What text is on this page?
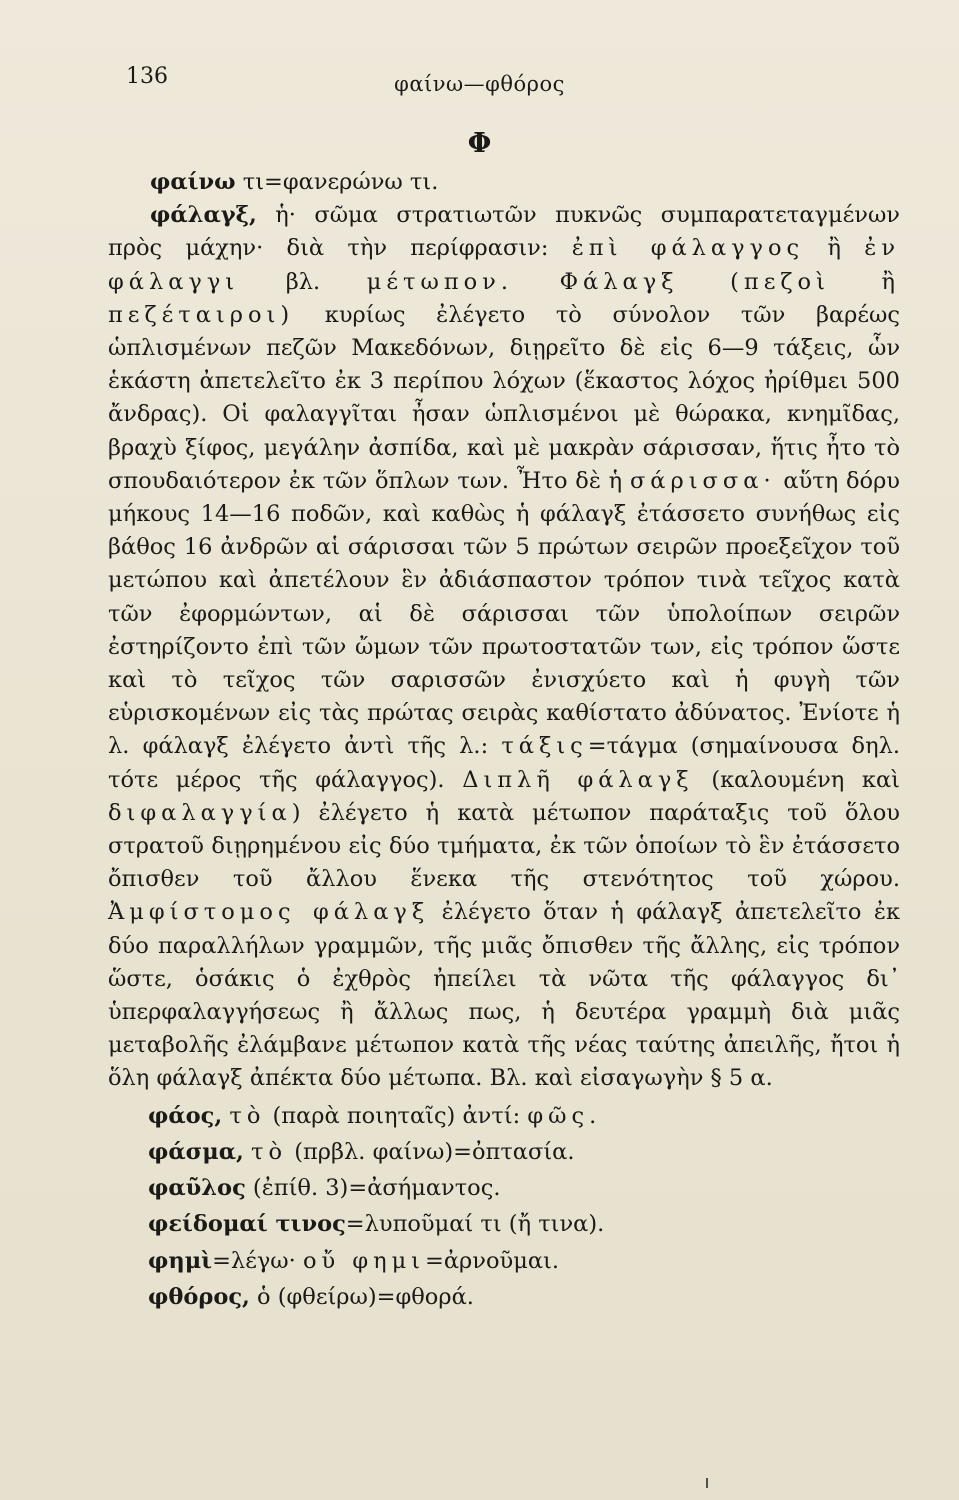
136	φαίνω—φθόρος
Φ

φαίνω τι=φανερώνω τι.

φάλαγξ, ἡ· σῶμα στρατιωτῶν πυκνῶς συμπαρατεταγμένων πρὸς μάχην· διὰ τὴν περίφρασιν: ἐπὶ φάλαγγος ἢ ἐν φάλαγγι βλ. μέτωπον. Φάλαγξ (πεζοὶ ἢ πεζέταιροι) κυρίως ἐλέγετο τὸ σύνολον τῶν βαρέως ὡπλισμένων πεζῶν Μακεδόνων, διῃρεῖτο δὲ εἰς 6—9 τάξεις, ὧν ἑκάστη ἀπετελεῖτο ἐκ 3 περίπου λόχων (ἕκαστος λόχος ἠρίθμει 500 ἄνδρας). Οἱ φαλαγγῖται ἦσαν ὡπλισμένοι μὲ θώρακα, κνημῖδας, βραχὺ ξίφος, μεγάλην ἀσπίδα, καὶ μὲ μακρὰν σάρισσαν, ἥτις ἦτο τὸ σπουδαιότερον ἐκ τῶν ὅπλων των. Ἦτο δὲ ἡ σάρισσα· αὕτη δόρυ μήκους 14—16 ποδῶν, καὶ καθὼς ἡ φάλαγξ ἐτάσσετο συνήθως εἰς βάθος 16 ἀνδρῶν αἱ σάρισσαι τῶν 5 πρώτων σειρῶν προεξεῖχον τοῦ μετώπου καὶ ἀπετέλουν ἓν ἀδιάσπαστον τρόπον τινὰ τεῖχος κατὰ τῶν ἐφορμώντων, αἱ δὲ σάρισσαι τῶν ὑπολοίπων σειρῶν ἐστηρίζοντο ἐπὶ τῶν ὤμων τῶν πρωτοστατῶν των, εἰς τρόπον ὥστε καὶ τὸ τεῖχος τῶν σαρισσῶν ἐνισχύετο καὶ ἡ φυγὴ τῶν εὑρισκομένων εἰς τὰς πρώτας σειρὰς καθίστατο ἀδύνατος. Ἐνίοτε ἡ λ. φάλαγξ ἐλέγετο ἀντὶ τῆς λ.: τάξις=τάγμα (σημαίνουσα δηλ. τότε μέρος τῆς φάλαγγος). Διπλῆ φάλαγξ (καλουμένη καὶ διφαλαγγία) ἐλέγετο ἡ κατὰ μέτωπον παράταξις τοῦ ὅλου στρατοῦ διῃρημένου εἰς δύο τμήματα, ἐκ τῶν ὁποίων τὸ ἓν ἐτάσσετο ὄπισθεν τοῦ ἄλλου ἕνεκα τῆς στενότητος τοῦ χώρου. Ἀμφίστομος φάλαγξ ἐλέγετο ὅταν ἡ φάλαγξ ἀπετελεῖτο ἐκ δύο παραλλήλων γραμμῶν, τῆς μιᾶς ὄπισθεν τῆς ἄλλης, εἰς τρόπον ὥστε, ὁσάκις ὁ ἐχθρὸς ἠπείλει τὰ νῶτα τῆς φάλαγγος δι᾽ ὑπερφαλαγγήσεως ἢ ἄλλως πως, ἡ δευτέρα γραμμὴ διὰ μιᾶς μεταβολῆς ἐλάμβανε μέτωπον κατὰ τῆς νέας ταύτης ἀπειλῆς, ἤτοι ἡ ὅλη φάλαγξ ἀπέκτα δύο μέτωπα. Βλ. καὶ εἰσαγωγὴν § 5 α.

φάος, τὸ (παρὰ ποιηταῖς) ἀντί: φῶς.

φάσμα, τὸ (πρβλ. φαίνω)=ὀπτασία.

φαῦλος (ἐπίθ. 3)=ἀσήμαντος.

φείδομαί τινος=λυποῦμαί τι (ἤ τινα).

φημὶ=λέγω· οὔ φημι=ἀρνοῦμαι.

φθόρος, ὁ (φθείρω)=φθορά.
